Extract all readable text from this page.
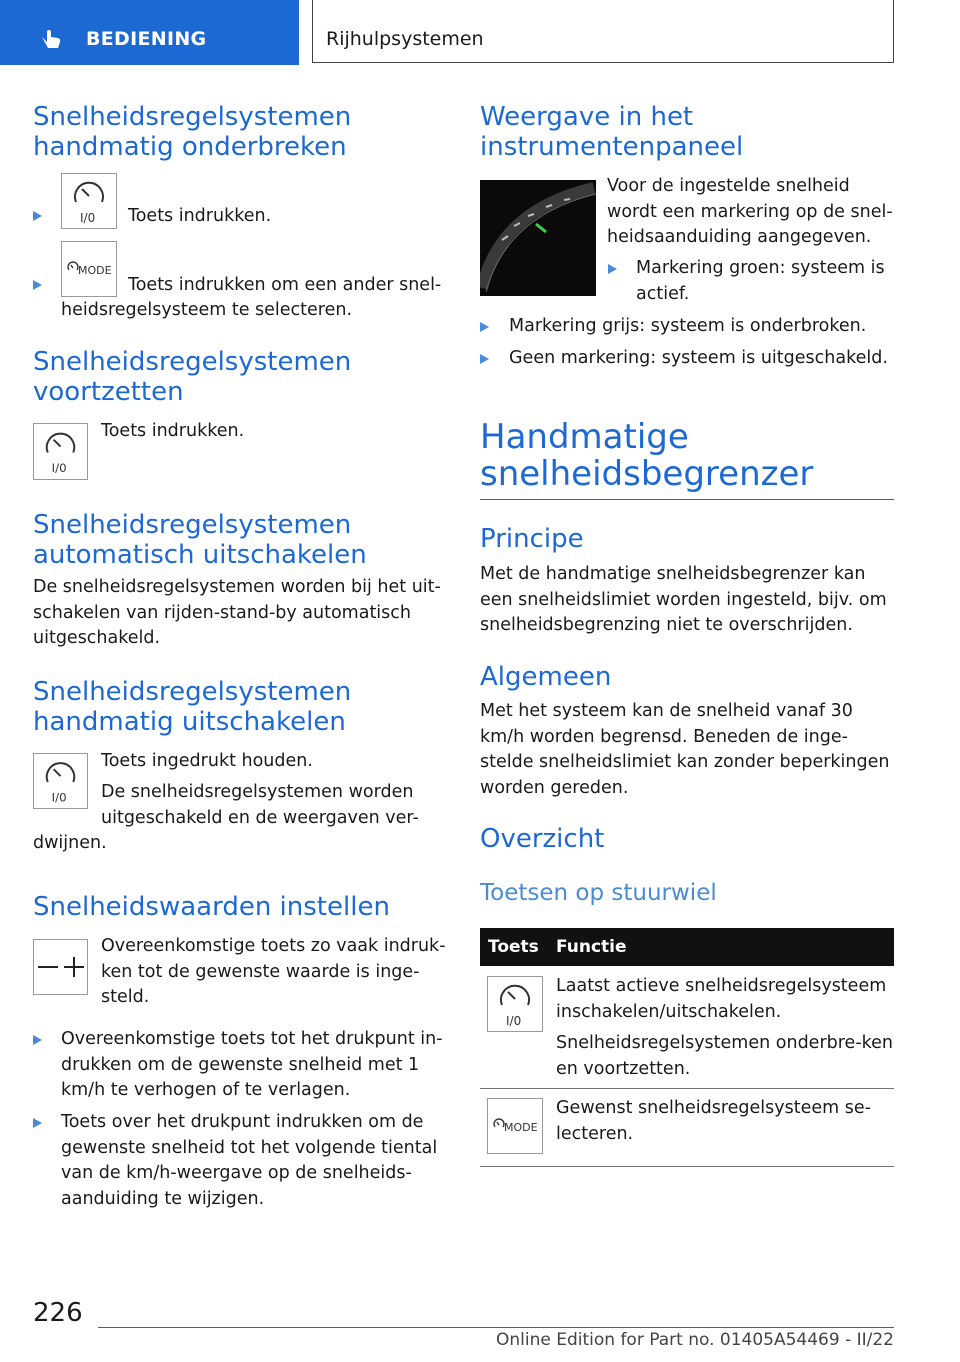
BEDIENING	Rijhulpsystemen
Snelheidsregelsystemen handmatig onderbreken
I/0 Toets indrukken.

MODE

Toets indrukken om een ander snel-

heidsregelsysteem te selecteren.

Snelheidsregelsystemen voortzetten
I/0

Toets indrukken.

Snelheidsregelsystemen automatisch uitschakelen

De snelheidsregelsystemen worden bij het uit-schakelen van rijden-stand-by automatisch uitgeschakeld.

Snelheidsregelsystemen handmatig uitschakelen
I/0

Toets ingedrukt houden.

De snelheidsregelsystemen worden
uitgeschakeld en de weergaven ver-

dwijnen.

Snelheidswaarden instellen

Overeenkomstige toets zo vaak indruk-ken tot de gewenste waarde is inge-steld.

Overeenkomstige toets tot het drukpunt in-drukken om de gewenste snelheid met 1 km/h te verhogen of te verlagen.

Toets over het drukpunt indrukken om de gewenste snelheid tot het volgende tiental van de km/h-weergave op de snelheids-aanduiding te wijzigen.

Weergave in het instrumentenpaneel

Voor de ingestelde snelheid wordt een markering op de snel-heidsaanduiding aangegeven.

Markering groen: systeem is actief.

Markering grijs: systeem is onderbroken.

Geen markering: systeem is uitgeschakeld.

Handmatige snelheidsbegrenzer
Principe

Met de handmatige snelheidsbegrenzer kan een snelheidslimiet worden ingesteld, bijv. om snelheidsbegrenzing niet te overschrijden.

Algemeen

Met het systeem kan de snelheid vanaf 30 km/h worden begrensd. Beneden de inge-stelde snelheidslimiet kan zonder beperkingen worden gereden.

Overzicht
Toetsen op stuurwiel
Toets Functie
I/0

Laatst actieve snelheidsregelsysteem inschakelen/uitschakelen.

Snelheidsregelsystemen onderbre-ken en voortzetten.

MODE

Gewenst snelheidsregelsysteem se-lecteren.

226
Online Edition for Part no. 01405A54469 - II/22
